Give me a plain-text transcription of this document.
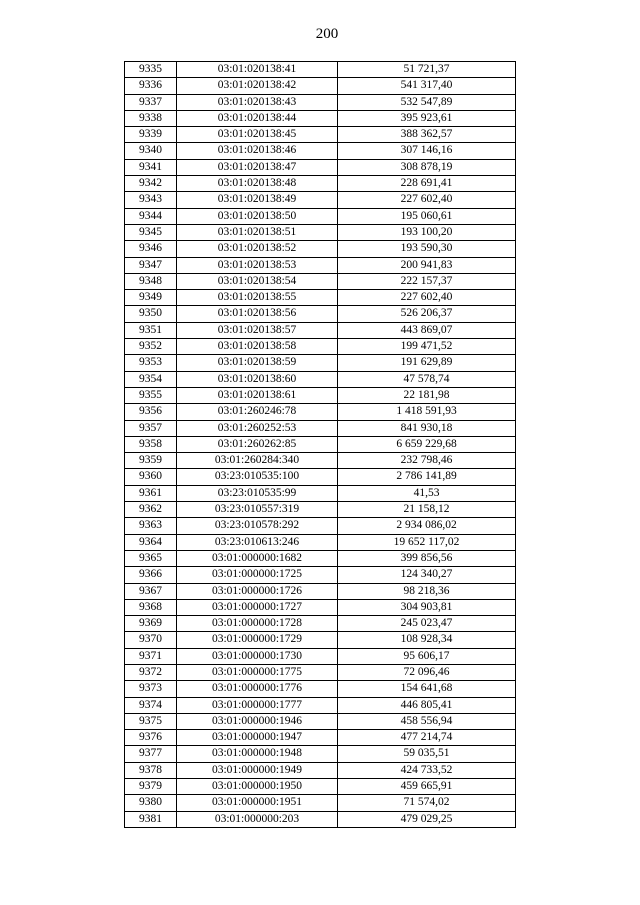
200
9335	03:01:020138:41	51 721,37
9336	03:01:020138:42	541 317,40
9337	03:01:020138:43	532 547,89
9338	03:01:020138:44	395 923,61
9339	03:01:020138:45	388 362,57
9340	03:01:020138:46	307 146,16
9341	03:01:020138:47	308 878,19
9342	03:01:020138:48	228 691,41
9343	03:01:020138:49	227 602,40
9344	03:01:020138:50	195 060,61
9345	03:01:020138:51	193 100,20
9346	03:01:020138:52	193 590,30
9347	03:01:020138:53	200 941,83
9348	03:01:020138:54	222 157,37
9349	03:01:020138:55	227 602,40
9350	03:01:020138:56	526 206,37
9351	03:01:020138:57	443 869,07
9352	03:01:020138:58	199 471,52
9353	03:01:020138:59	191 629,89
9354	03:01:020138:60	47 578,74
9355	03:01:020138:61	22 181,98
9356	03:01:260246:78	1 418 591,93
9357	03:01:260252:53	841 930,18
9358	03:01:260262:85	6 659 229,68
9359	03:01:260284:340	232 798,46
9360	03:23:010535:100	2 786 141,89
9361	03:23:010535:99	41,53
9362	03:23:010557:319	21 158,12
9363	03:23:010578:292	2 934 086,02
9364	03:23:010613:246	19 652 117,02
9365	03:01:000000:1682	399 856,56
9366	03:01:000000:1725	124 340,27
9367	03:01:000000:1726	98 218,36
9368	03:01:000000:1727	304 903,81
9369	03:01:000000:1728	245 023,47
9370	03:01:000000:1729	108 928,34
9371	03:01:000000:1730	95 606,17
9372	03:01:000000:1775	72 096,46
9373	03:01:000000:1776	154 641,68
9374	03:01:000000:1777	446 805,41
9375	03:01:000000:1946	458 556,94
9376	03:01:000000:1947	477 214,74
9377	03:01:000000:1948	59 035,51
9378	03:01:000000:1949	424 733,52
9379	03:01:000000:1950	459 665,91
9380	03:01:000000:1951	71 574,02
9381	03:01:000000:203	479 029,25
